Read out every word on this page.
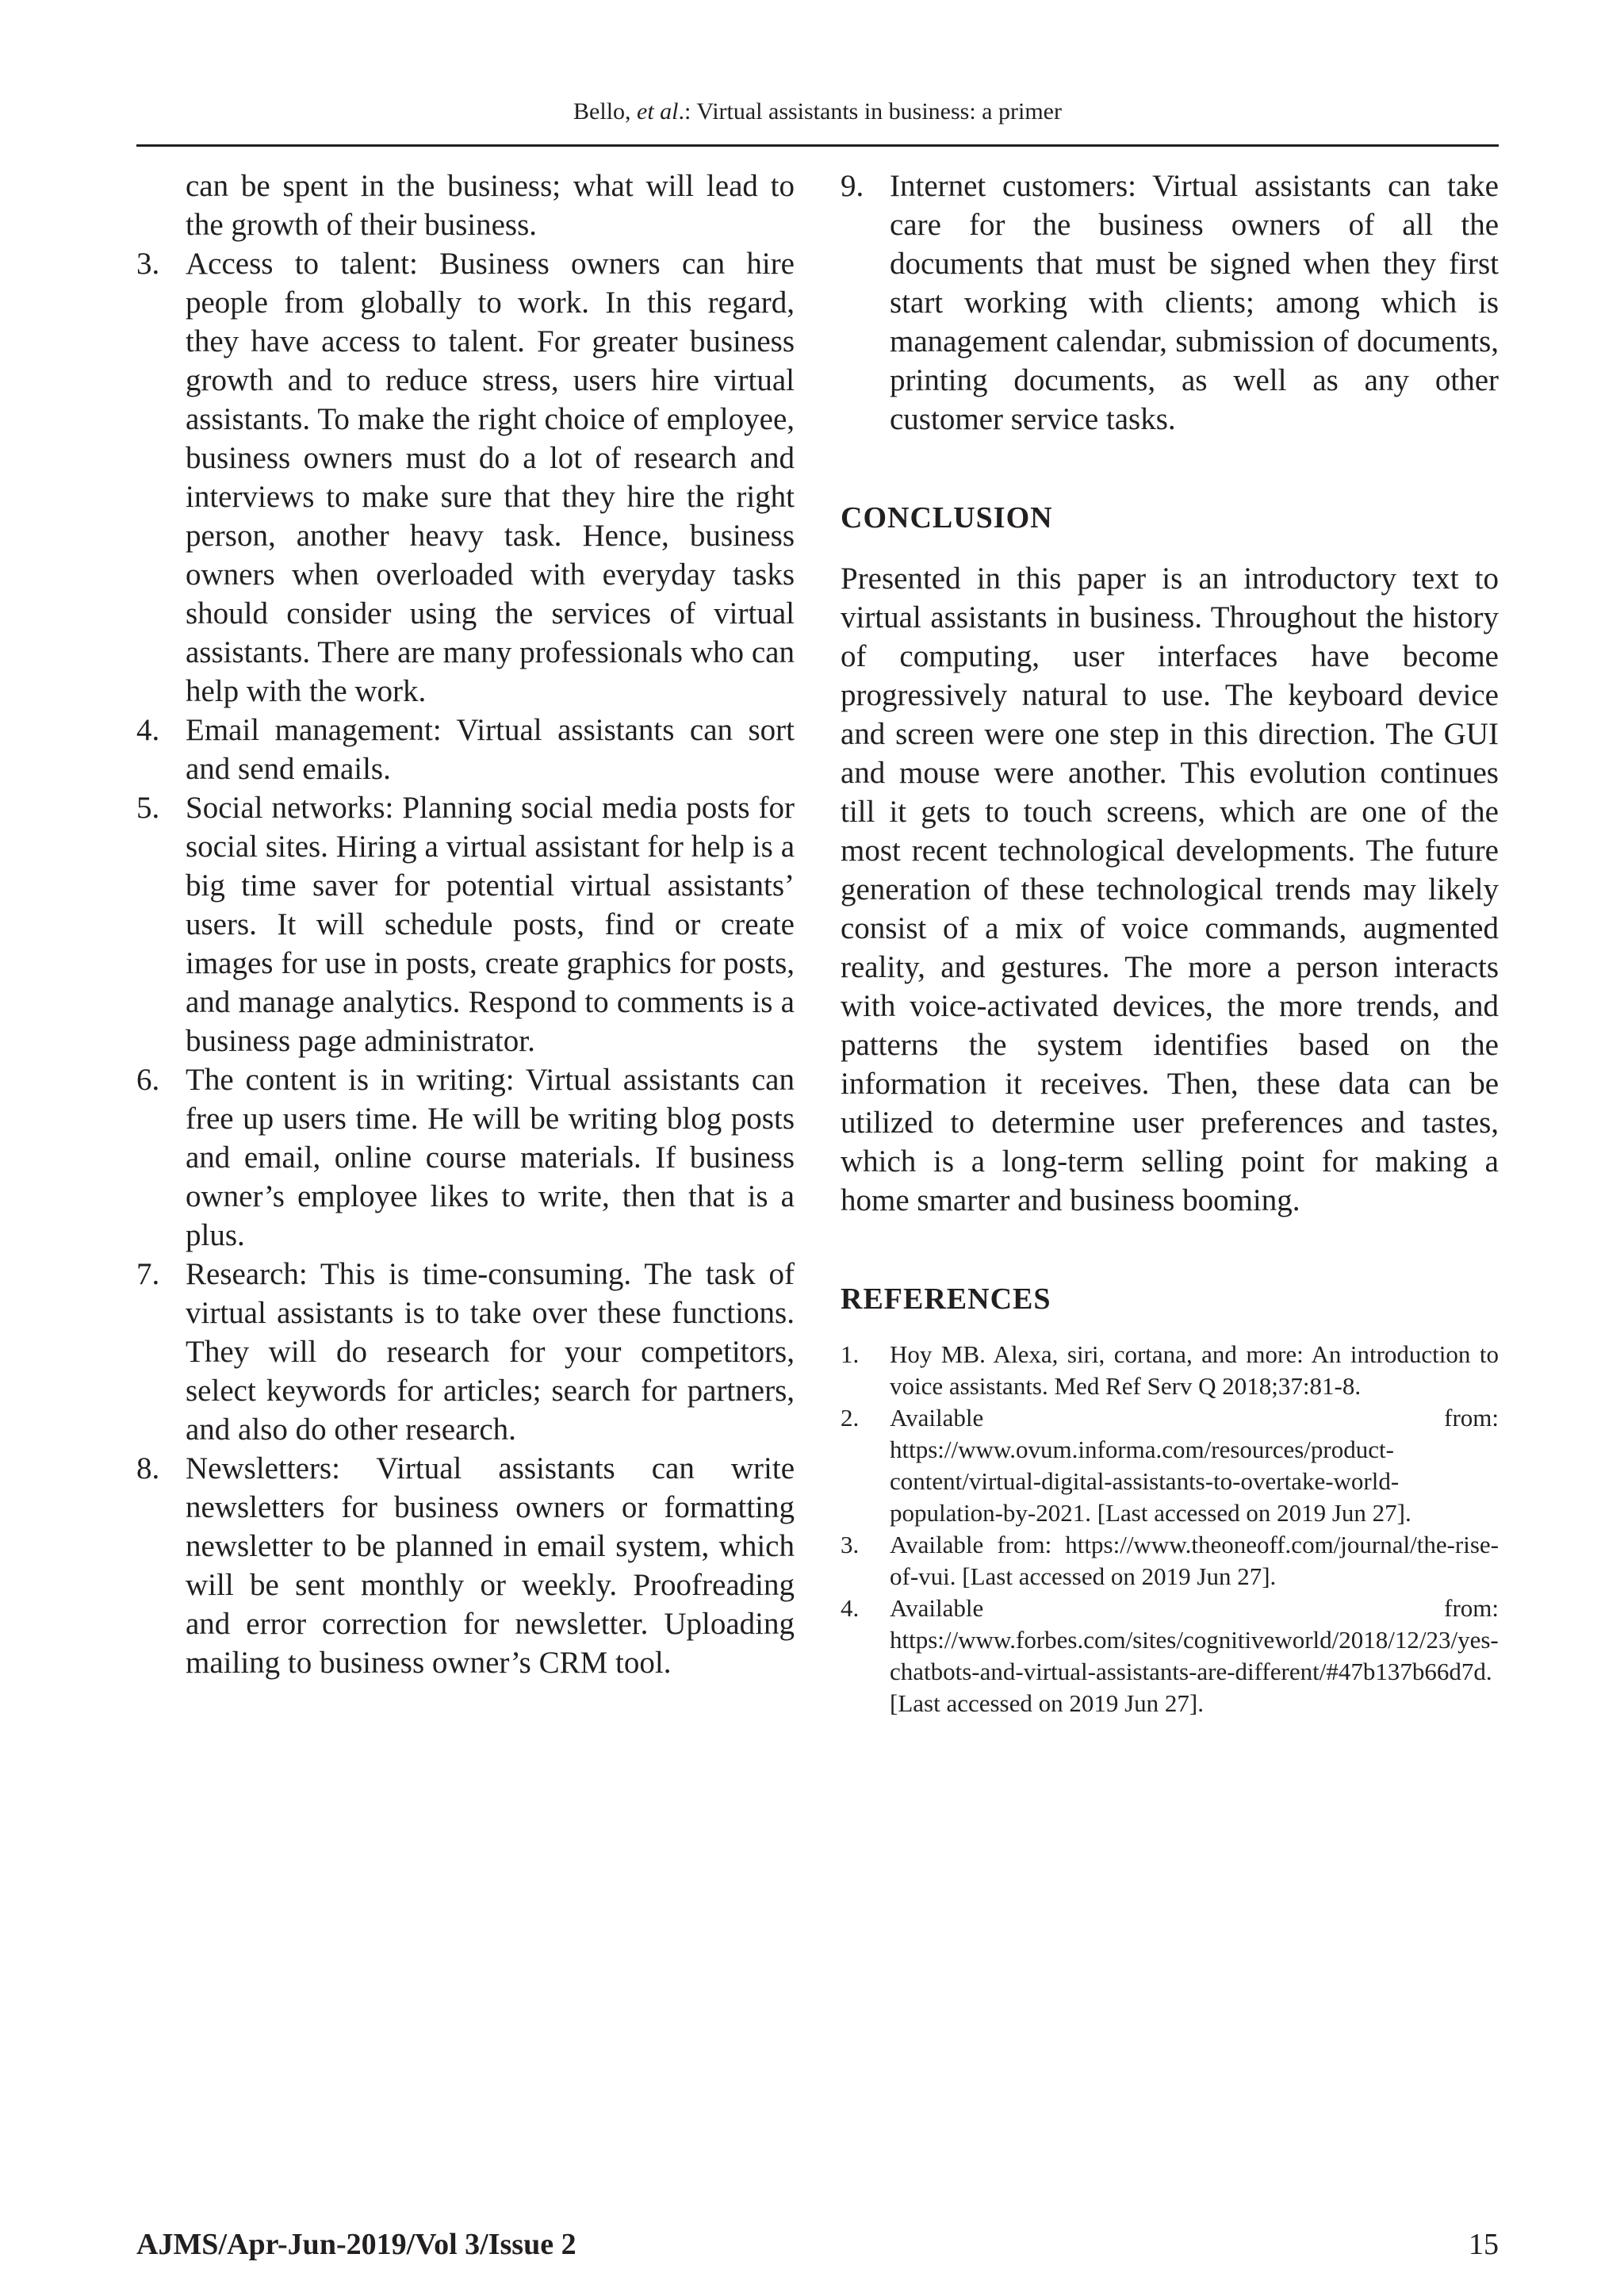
Bello, et al.: Virtual assistants in business: a primer

can be spent in the business; what will lead to the growth of their business.

3. Access to talent: Business owners can hire people from globally to work. In this regard, they have access to talent. For greater business growth and to reduce stress, users hire virtual assistants. To make the right choice of employee, business owners must do a lot of research and interviews to make sure that they hire the right person, another heavy task. Hence, business owners when overloaded with everyday tasks should consider using the services of virtual assistants. There are many professionals who can help with the work.
4. Email management: Virtual assistants can sort and send emails.
5. Social networks: Planning social media posts for social sites. Hiring a virtual assistant for help is a big time saver for potential virtual assistants’ users. It will schedule posts, find or create images for use in posts, create graphics for posts, and manage analytics. Respond to comments is a business page administrator.
6. The content is in writing: Virtual assistants can free up users time. He will be writing blog posts and email, online course materials. If business owner’s employee likes to write, then that is a plus.
7. Research: This is time-consuming. The task of virtual assistants is to take over these functions. They will do research for your competitors, select keywords for articles; search for partners, and also do other research.
8. Newsletters: Virtual assistants can write newsletters for business owners or formatting newsletter to be planned in email system, which will be sent monthly or weekly. Proofreading and error correction for newsletter. Uploading mailing to business owner’s CRM tool.
9. Internet customers: Virtual assistants can take care for the business owners of all the documents that must be signed when they first start working with clients; among which is management calendar, submission of documents, printing documents, as well as any other customer service tasks.
CONCLUSION

Presented in this paper is an introductory text to virtual assistants in business. Throughout the history of computing, user interfaces have become progressively natural to use. The keyboard device and screen were one step in this direction. The GUI and mouse were another. This evolution continues till it gets to touch screens, which are one of the most recent technological developments. The future generation of these technological trends may likely consist of a mix of voice commands, augmented reality, and gestures. The more a person interacts with voice-activated devices, the more trends, and patterns the system identifies based on the information it receives. Then, these data can be utilized to determine user preferences and tastes, which is a long-term selling point for making a home smarter and business booming.

REFERENCES
1.	Hoy MB. Alexa, siri, cortana, and more: An introduction to voice assistants. Med Ref Serv Q 2018;37:81-8.
2.	Available from: https://www.ovum.informa.com/resources/product-content/virtual-digital-assistants-to-overtake-world-population-by-2021. [Last accessed on 2019 Jun 27].
3.	Available from: https://www.theoneoff.com/journal/the-rise-of-vui. [Last accessed on 2019 Jun 27].
4.	Available from: https://www.forbes.com/sites/cognitiveworld/2018/12/23/yes-chatbots-and-virtual-assistants-are-different/#47b137b66d7d. [Last accessed on 2019 Jun 27].
AJMS/Apr-Jun-2019/Vol 3/Issue 2	15
